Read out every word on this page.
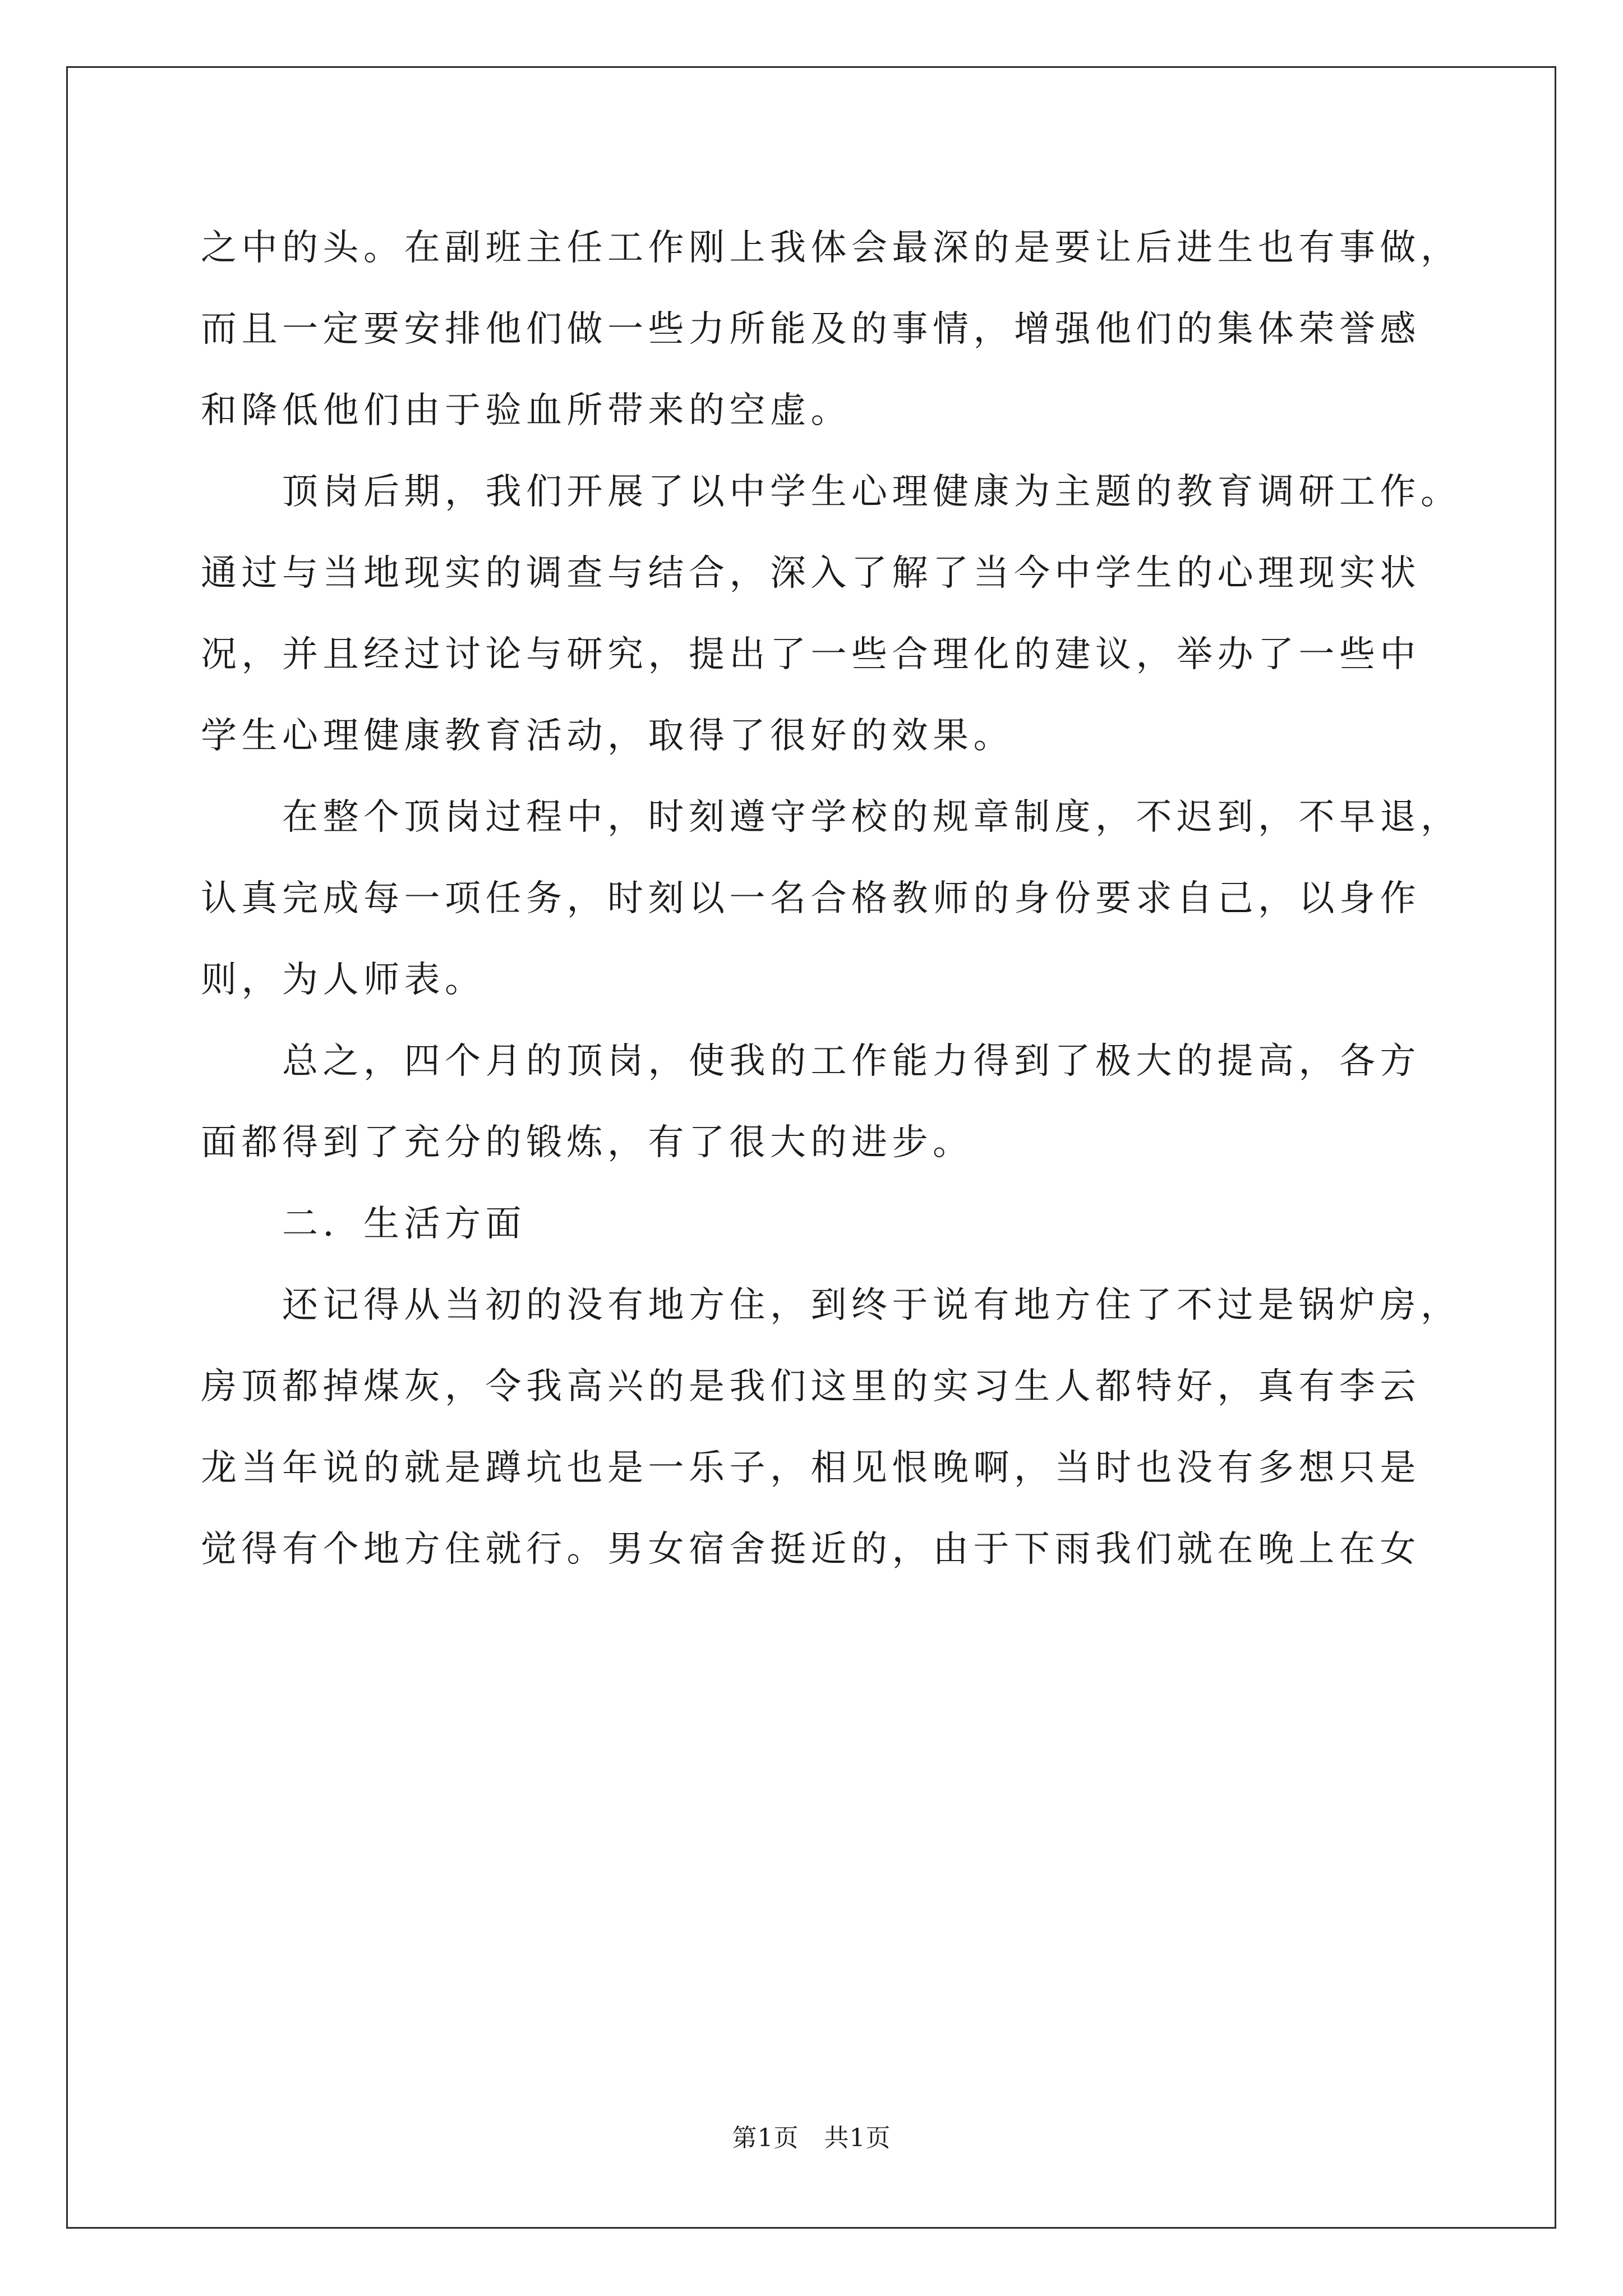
之中的头。在副班主任工作刚上我体会最深的是要让后进生也有事做，
而且一定要安排他们做一些力所能及的事情，增强他们的集体荣誉感
和降低他们由于验血所带来的空虚。

顶岗后期，我们开展了以中学生心理健康为主题的教育调研工作。
通过与当地现实的调查与结合，深入了解了当今中学生的心理现实状
况，并且经过讨论与研究，提出了一些合理化的建议，举办了一些中
学生心理健康教育活动，取得了很好的效果。

在整个顶岗过程中，时刻遵守学校的规章制度，不迟到，不早退，
认真完成每一项任务，时刻以一名合格教师的身份要求自己，以身作
则，为人师表。

总之，四个月的顶岗，使我的工作能力得到了极大的提高，各方
面都得到了充分的锻炼，有了很大的进步。

二．生活方面

还记得从当初的没有地方住，到终于说有地方住了不过是锅炉房，
房顶都掉煤灰，令我高兴的是我们这里的实习生人都特好，真有李云
龙当年说的就是蹲坑也是一乐子，相见恨晚啊，当时也没有多想只是
觉得有个地方住就行。男女宿舍挺近的，由于下雨我们就在晚上在女

第1页 共1页
